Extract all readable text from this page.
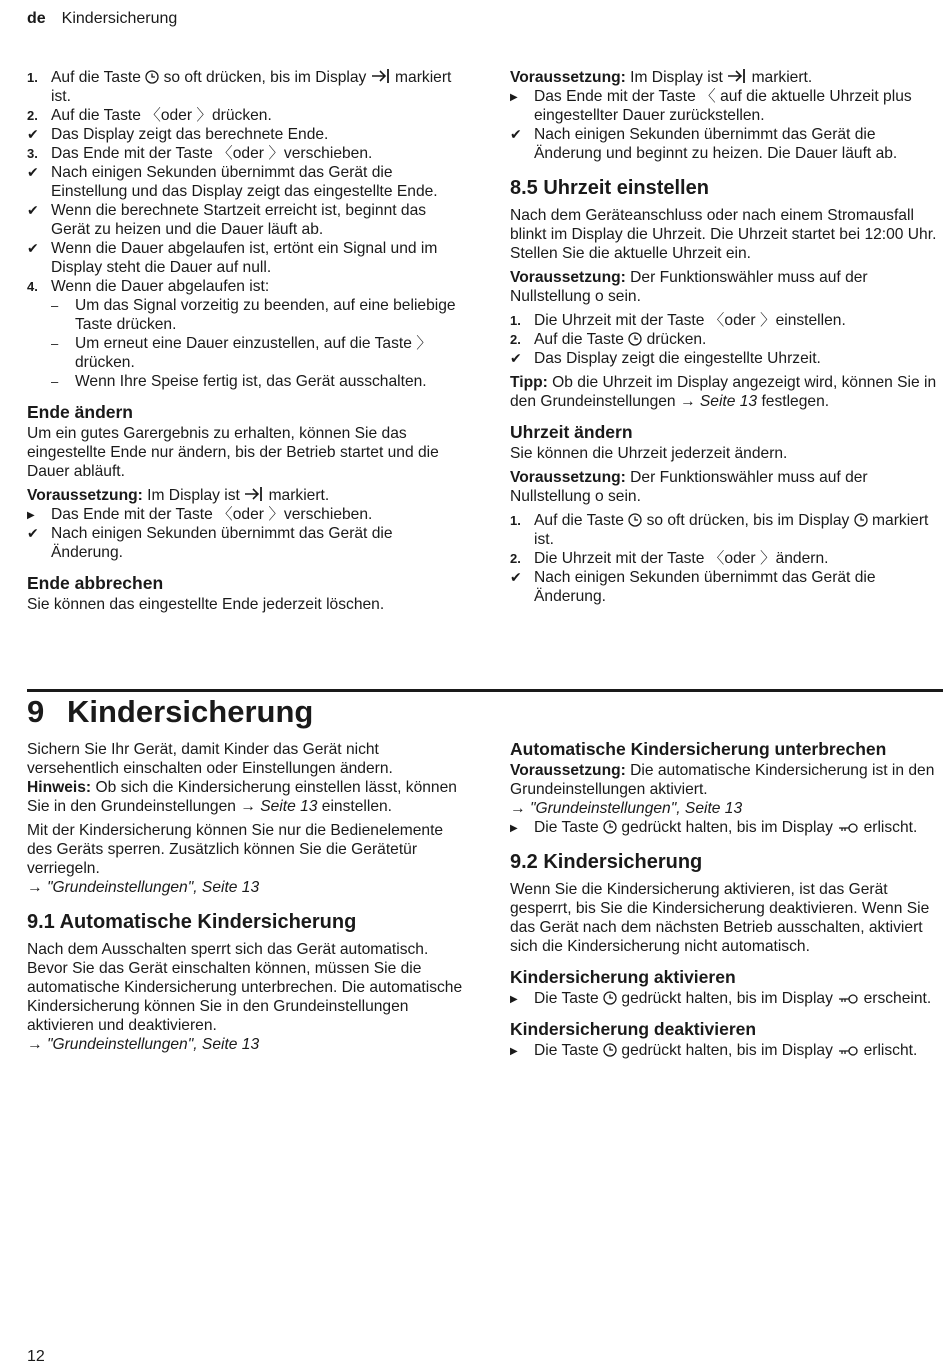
de Kindersicherung
1. Auf die Taste so oft drücken, bis im Display markiert ist.
2. Auf die Taste 〈oder 〉drücken.
✔ Das Display zeigt das berechnete Ende.
3. Das Ende mit der Taste 〈oder 〉verschieben.
✔ Nach einigen Sekunden übernimmt das Gerät die Einstellung und das Display zeigt das eingestellte Ende.
✔ Wenn die berechnete Startzeit erreicht ist, beginnt das Gerät zu heizen und die Dauer läuft ab.
✔ Wenn die Dauer abgelaufen ist, ertönt ein Signal und im Display steht die Dauer auf null.
4. Wenn die Dauer abgelaufen ist:
–	Um das Signal vorzeitig zu beenden, auf eine beliebige Taste drücken.
–	Um erneut eine Dauer einzustellen, auf die Taste 〉drücken.
–	Wenn Ihre Speise fertig ist, das Gerät ausschalten.
Ende ändern

Um ein gutes Garergebnis zu erhalten, können Sie das eingestellte Ende nur ändern, bis der Betrieb startet und die Dauer abläuft.

Voraussetzung: Im Display ist markiert.

▶	Das Ende mit der Taste 〈oder 〉verschieben.
✔ Nach einigen Sekunden übernimmt das Gerät die Änderung.
Ende abbrechen

Sie können das eingestellte Ende jederzeit löschen.

Voraussetzung: Im Display ist markiert.

▶	Das Ende mit der Taste 〈 auf die aktuelle Uhrzeit plus eingestellter Dauer zurückstellen.
✔ Nach einigen Sekunden übernimmt das Gerät die Änderung und beginnt zu heizen. Die Dauer läuft ab.
8.5 Uhrzeit einstellen

Nach dem Geräteanschluss oder nach einem Stromausfall blinkt im Display die Uhrzeit. Die Uhrzeit startet bei 12:00 Uhr. Stellen Sie die aktuelle Uhrzeit ein.

Voraussetzung: Der Funktionswähler muss auf der Nullstellung o sein.

1. Die Uhrzeit mit der Taste 〈oder 〉einstellen.
2. Auf die Taste drücken.
✔ Das Display zeigt die eingestellte Uhrzeit.

Tipp: Ob die Uhrzeit im Display angezeigt wird, können Sie in den Grundeinstellungen → Seite 13 festlegen.

Uhrzeit ändern

Sie können die Uhrzeit jederzeit ändern.

Voraussetzung: Der Funktionswähler muss auf der Nullstellung o sein.

1. Auf die Taste so oft drücken, bis im Display markiert ist.
2. Die Uhrzeit mit der Taste 〈oder 〉ändern.
✔ Nach einigen Sekunden übernimmt das Gerät die Änderung.
9 Kindersicherung

Sichern Sie Ihr Gerät, damit Kinder das Gerät nicht versehentlich einschalten oder Einstellungen ändern.

Hinweis: Ob sich die Kindersicherung einstellen lässt, können Sie in den Grundeinstellungen → Seite 13 einstellen.

Mit der Kindersicherung können Sie nur die Bedienelemente des Geräts sperren. Zusätzlich können Sie die Gerätetür verriegeln.

→ "Grundeinstellungen", Seite 13

9.1 Automatische Kindersicherung

Nach dem Ausschalten sperrt sich das Gerät automatisch. Bevor Sie das Gerät einschalten können, müssen Sie die automatische Kindersicherung unterbrechen. Die automatische Kindersicherung können Sie in den Grundeinstellungen aktivieren und deaktivieren.

→ "Grundeinstellungen", Seite 13

Automatische Kindersicherung unterbrechen

Voraussetzung: Die automatische Kindersicherung ist in den Grundeinstellungen aktiviert.

→ "Grundeinstellungen", Seite 13

▶	Die Taste gedrückt halten, bis im Display erlischt.
9.2 Kindersicherung

Wenn Sie die Kindersicherung aktivieren, ist das Gerät gesperrt, bis Sie die Kindersicherung deaktivieren. Wenn Sie das Gerät nach dem nächsten Betrieb ausschalten, aktiviert sich die Kindersicherung nicht automatisch.

Kindersicherung aktivieren
▶	Die Taste gedrückt halten, bis im Display erscheint.
Kindersicherung deaktivieren
▶	Die Taste gedrückt halten, bis im Display erlischt.
12
